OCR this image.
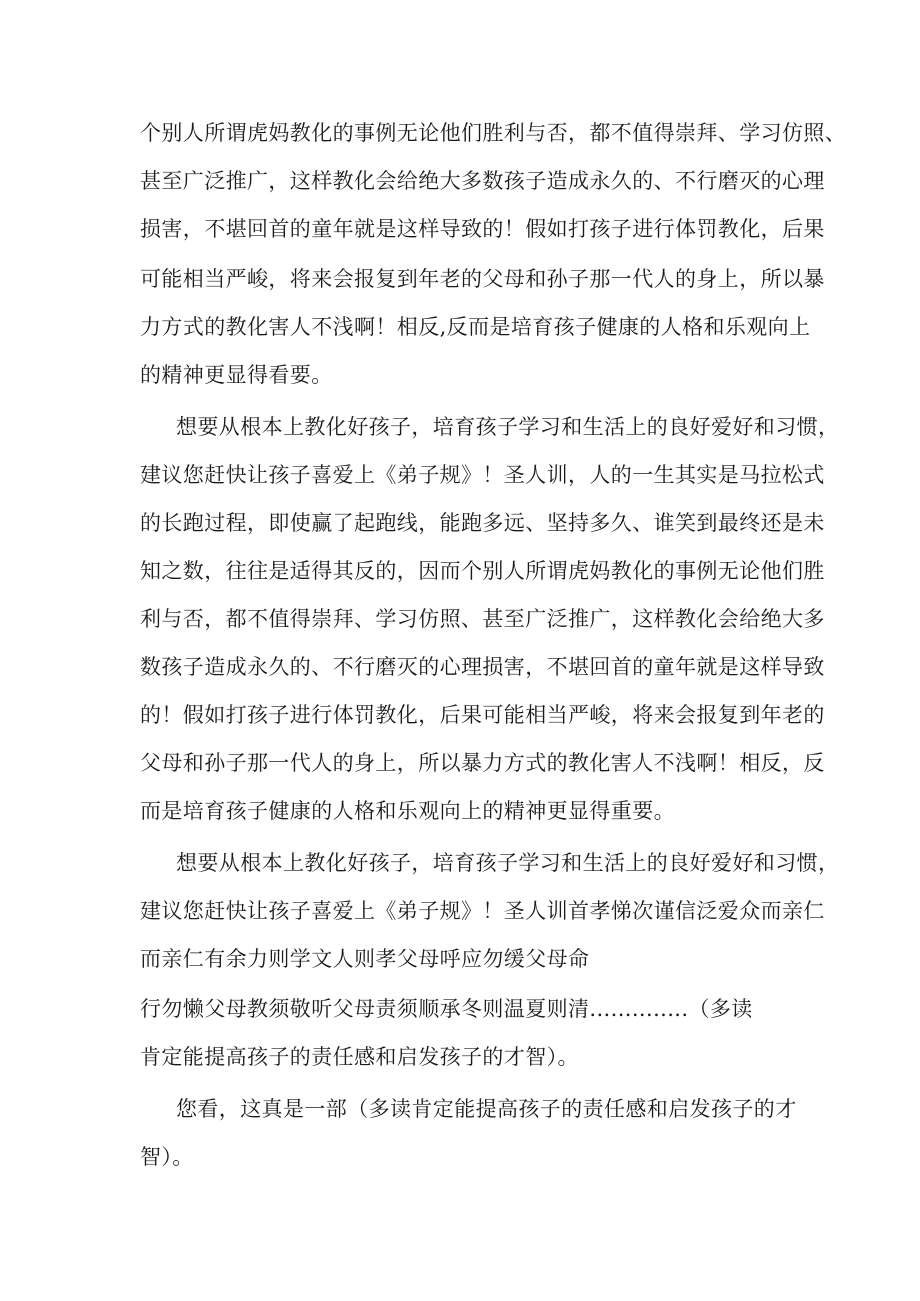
个别人所谓虎妈教化的事例无论他们胜利与否，都不值得崇拜、学习仿照、
甚至广泛推广，这样教化会给绝大多数孩子造成永久的、不行磨灭的心理
损害，不堪回首的童年就是这样导致的！假如打孩子进行体罚教化，后果
可能相当严峻，将来会报复到年老的父母和孙子那一代人的身上，所以暴
力方式的教化害人不浅啊！相反,反而是培育孩子健康的人格和乐观向上
的精神更显得看要。
想要从根本上教化好孩子，培育孩子学习和生活上的良好爱好和习惯，
建议您赶快让孩子喜爱上《弟子规》！圣人训，人的一生其实是马拉松式
的长跑过程，即使赢了起跑线，能跑多远、坚持多久、谁笑到最终还是未
知之数，往往是适得其反的，因而个别人所谓虎妈教化的事例无论他们胜
利与否，都不值得崇拜、学习仿照、甚至广泛推广，这样教化会给绝大多
数孩子造成永久的、不行磨灭的心理损害，不堪回首的童年就是这样导致
的！假如打孩子进行体罚教化，后果可能相当严峻，将来会报复到年老的
父母和孙子那一代人的身上，所以暴力方式的教化害人不浅啊！相反，反
而是培育孩子健康的人格和乐观向上的精神更显得重要。
想要从根本上教化好孩子，培育孩子学习和生活上的良好爱好和习惯，
建议您赶快让孩子喜爱上《弟子规》！圣人训首孝悌次谨信泛爱众而亲仁
而亲仁有余力则学文人则孝父母呼应勿缓父母命
行勿懒父母教须敬听父母责须顺承冬则温夏则清..............（多读
肯定能提高孩子的责任感和启发孩子的才智）。
您看，这真是一部（多读肯定能提高孩子的责任感和启发孩子的才
智）。
